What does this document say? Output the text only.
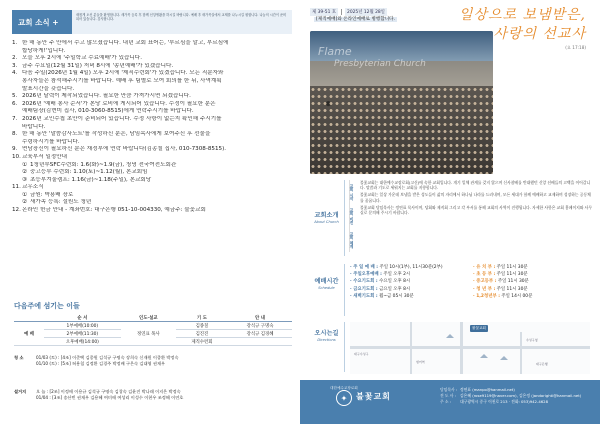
교회 소식 +
새롭게 오신 분들을 환영합니다. 새가족 등록 후 함께 신앙생활을 하시길 바랍니다. 예배 후 새가족실에서 교제를 나누시길 원합니다. 나눔의 시간이 준비되어 있습니다. 감사합니다.
1. 한 해 동안 주 안에서 수고 많으셨습니다. 내년 교회 표어는, '부르심을 알고, 부르심에
합당하게!'입니다.
2. 오늘 오후 2시에 '주일학교 수료예배'가 있습니다.
3. 금주 수요일(12월 31일) 저녁 8시에 '송년예배'가 있겠습니다.
4. 다음 주일(2026년 1월 4일) 오후 2시에 '제직수련회'가 있겠습니다. 모든 직분자와
봉사자들은 참석해주시기를 바랍니다. 예배 후 팀별로 모여 회의를 한 뒤, 사역계획
발표시간을 갖습니다.
5. 2026년 달력이 제작되었습니다. 필요한 만큼 가져가시면 되겠습니다.
6. 2026년 '예배 봉사 순서'가 본당 로비에 게시되어 있습니다. 수정이 필요한 분은
예배팀장(김현미 집사, 010-3060-8515)에게 연락주시기를 바랍니다.
7. 2026년 교인수첩 초안이 준비되어 있습니다. 수정 사항이 없는지 확인해 주시기를
바랍니다.
8. 한 해 동안 '말씀감사노트'를 작성하신 분은, 담임목사에게 보여주신 후 선물을
수령하시기를 바랍니다.
9. 면담장신이 필요하신 분은 재정부에 연락 바랍니다(김종칠 집사, 010-7308-8515).
10. 교육부서 일정안내
① 1청년부SFC수련회: 1.6(화)~1.9(금), 청녕 전국여전도회관
② 중고등부 수련회: 1.10(토)~1.12(월), 본교회임
③ 초등부겨울캠프: 1.16(금)~1.18(주일), 본교회당
11. 교우소식
① 금원: 박용배 장로
② 새가족 등록: 설원도 청년
12. 온라인 헌금 안내 - 계좌번호: 대구은행 051-10-004330, 예금주: 불꽃교회
다음주에 섬기는 이들
	순 서	인도·설교	기 도	안 내
예 배	1부예배(10:00)	정연표 목사	김종칠	강석규 구명숙
	2부예배(11:30)		김진진	강석규 김경혜
	오후예배(14:00)		제직수련회	
청 소	01/03 (토) : [4조] 이준택 김종원 김석규 구명숙 장희숙 신재원 이종환 박정숙
01/10 (토) : [5조] 허용철 김정환 김경주 박정배 구은숙 김대영 권재우
설거지 오 늘 : [2조] 이정애 이용규 김석규 구명숙 김창숙 김윤진 박나래 이지은 박정숙
01/04 : [3조] 송산빈 권재우 김용혜 여미애 여성리 이성수 이현우 조정해 이연호
제 39-51 호	2025년 12월 28일
[제직예배]와 온라인예배로 병행합니다.	일상으로 보냄받은,
사랑의 선교사
(요 17:18)
Flame
Presbyterian Church
교회소개
About Church
교회 시작
교회 비전
교회 체계

불꽃교회는 대한예수교장로회(고신)에 속한 교회입니다. 개기 일체 관계를 갖지 않으며 신사참배를 반대했던 신앙 선배들의 고백을 이어갑니다. 말씀과 기도로 세워지는 교회를 지향합니다.

불꽃교회는 일상 가운데 보냄을 받은 성도들이 삶의 자리에서 하나님 나라를 드러내며, 모든 세대가 함께 예배하고 교제하며 성장하는 공동체를 꿈꿉니다.

불꽃교회 담임목사는 정연표 목사이며, 당회와 제직회 그리고 각 부서를 통해 교회의 사역이 진행됩니다. 자세한 사항은 교회 홈페이지와 사무실로 문의해 주시기 바랍니다.

예배시간
Schedule
· 주 일 예 배 : 주일 10시(1부), 11시30분(2부)
· 주일오후예배 : 주일 오후 2시
· 수요기도회 : 수요일 오후 8시
· 금요기도회 : 금요일 오후 8시
· 새벽기도회 : 월~금 05시 30분
· 유 치 부 : 주일 11시 30분
· 초 등 부 : 주일 11시 30분
· 중고등부 : 주일 11시 30분
· 청 년 부 : 주일 11시 30분
· 1,2청년부 : 주일 14시 00분
오시는길
Directions
불꽃교회
대구수성구
범어역
수성구청
대구은행
대한예수교장로회
✦	불꽃교회
담임목사 : 정연표 (manpo@hanmail.net)
전 도 사 : 김은혜 (rose9119@naver.com), 김은정 (jandorighti@hanmail.net)
주 소 : 대구광역시 중구 이천로 213 · 전화: 053)942-4628
